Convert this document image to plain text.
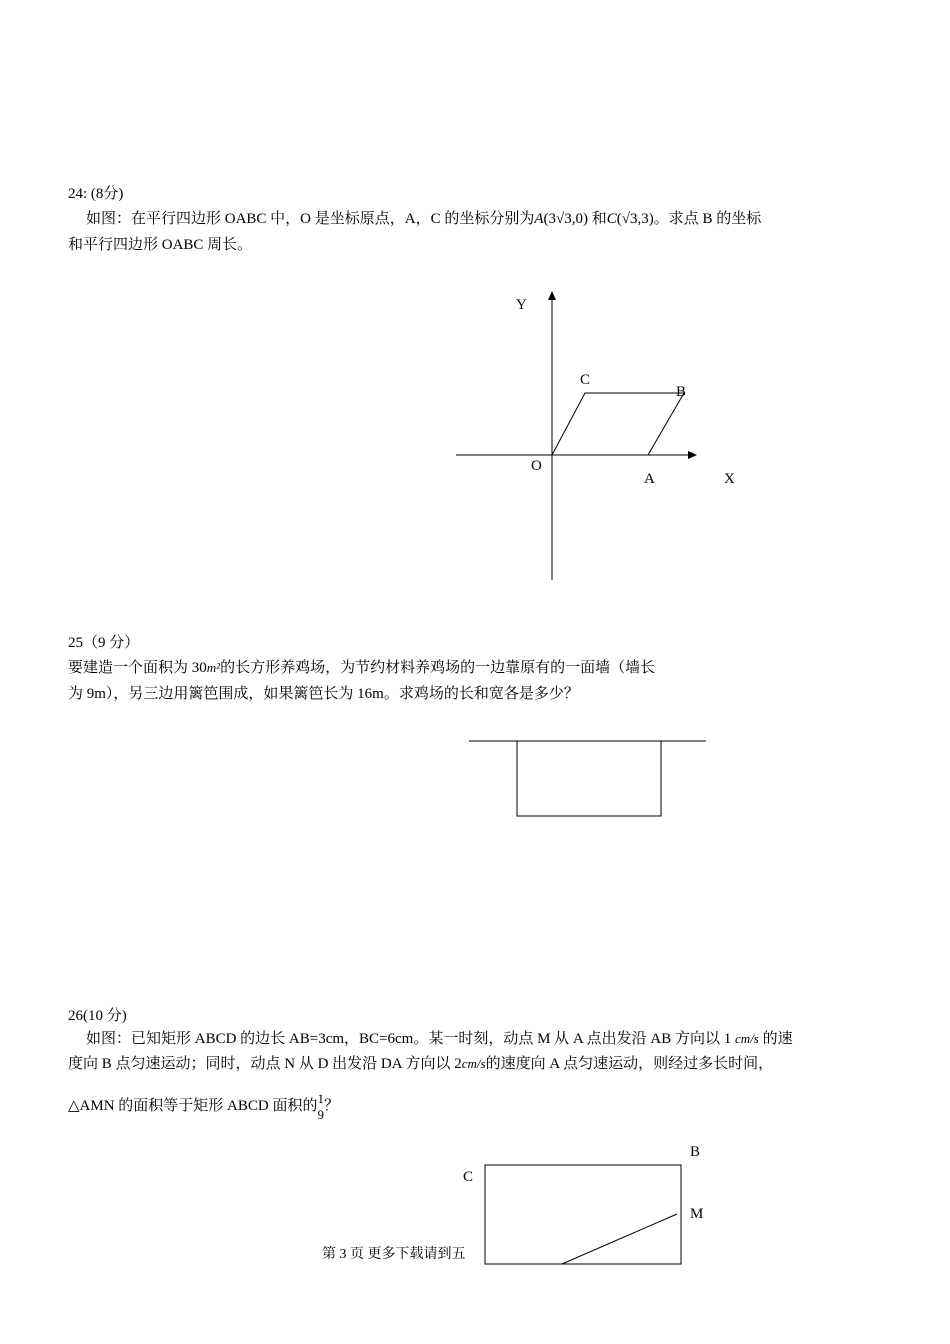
24: (8分)
如图：在平行四边形 OABC 中，O 是坐标原点，A，C 的坐标分别为A(3√3,0) 和C(√3,3)。求点 B 的坐标
和平行四边形 OABC 周长。
Y
C
B
O
A	X
B
C
M
25（9 分）
要建造一个面积为 30m²的长方形养鸡场，为节约材料养鸡场的一边靠原有的一面墙（墙长
为 9m），另三边用篱笆围成，如果篱笆长为 16m。求鸡场的长和宽各是多少？
26(10 分)
如图：已知矩形 ABCD 的边长 AB=3cm，BC=6cm。某一时刻，动点 M 从 A 点出发沿 AB 方向以 1 cm/s 的速
度向 B 点匀速运动；同时，动点 N 从 D 出发沿 DA 方向以 2cm/s的速度向 A 点匀速运动，则经过多长时间，
△AMN 的面积等于矩形 ABCD 面积的 1
9
？
第 3 页 更多下载请到五
